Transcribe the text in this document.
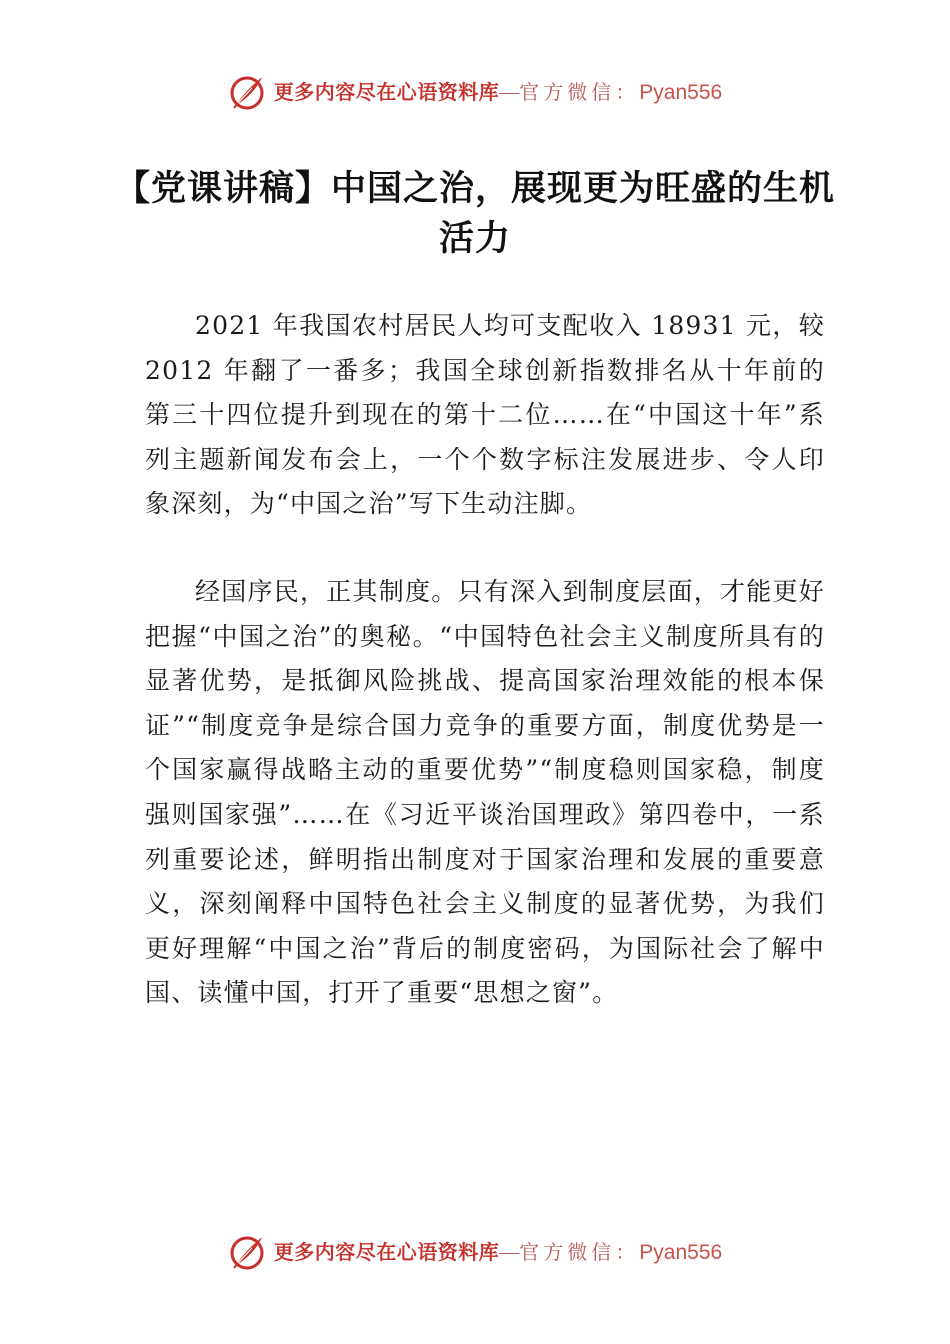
更多内容尽在心语资料库 — 官方微信： Pyan556
【党课讲稿】中国之治，展现更为旺盛的生机活力

2021 年我国农村居民人均可支配收入 18931 元，较 2012 年翻了一番多；我国全球创新指数排名从十年前的第三十四位提升到现在的第十二位……在“中国这十年”系列主题新闻发布会上，一个个数字标注发展进步、令人印象深刻，为“中国之治”写下生动注脚。

经国序民，正其制度。只有深入到制度层面，才能更好把握“中国之治”的奥秘。“中国特色社会主义制度所具有的显著优势，是抵御风险挑战、提高国家治理效能的根本保证”“制度竞争是综合国力竞争的重要方面，制度优势是一个国家赢得战略主动的重要优势”“制度稳则国家稳，制度强则国家强”……在《习近平谈治国理政》第四卷中，一系列重要论述，鲜明指出制度对于国家治理和发展的重要意义，深刻阐释中国特色社会主义制度的显著优势，为我们更好理解“中国之治”背后的制度密码，为国际社会了解中国、读懂中国，打开了重要“思想之窗”。

更多内容尽在心语资料库 — 官方微信： Pyan556
